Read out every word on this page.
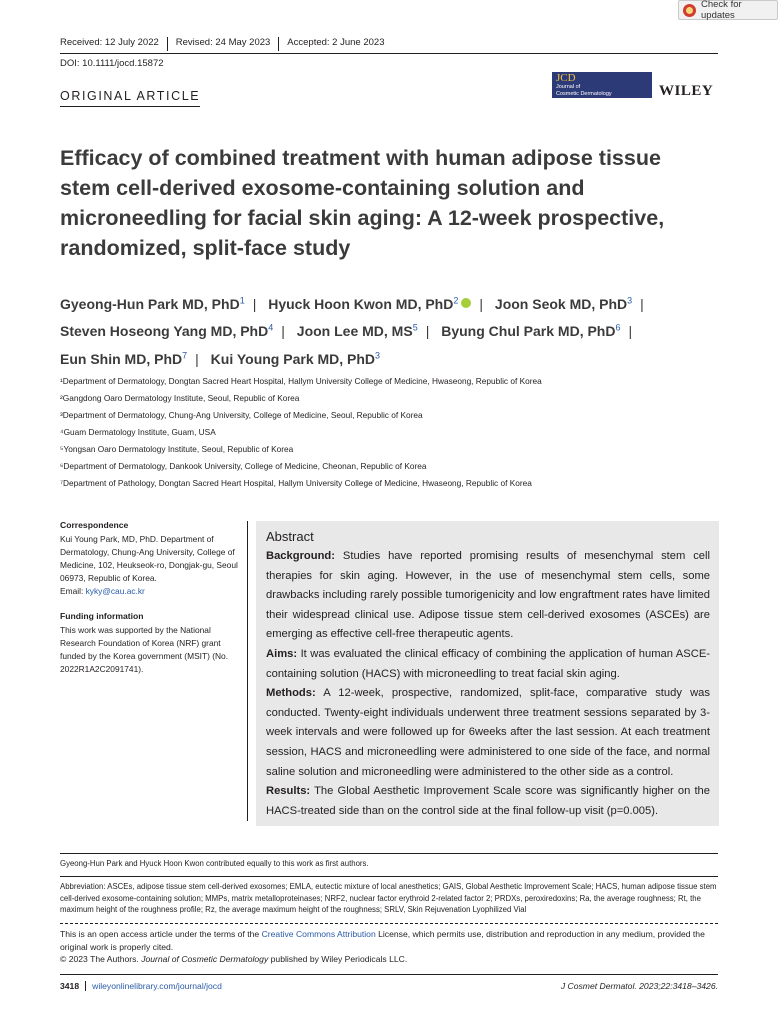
Check for updates
Received: 12 July 2022	Revised: 24 May 2023	Accepted: 2 June 2023
DOI: 10.1111/jocd.15872
JCD
Journal of
Cosmetic Dermatology	WILEY
ORIGINAL ARTICLE
Efficacy of combined treatment with human adipose tissue stem cell-derived exosome-containing solution and microneedling for facial skin aging: A 12-week prospective, randomized, split-face study
Gyeong-Hun Park MD, PhD$^1$ | Hyuck Hoon Kwon MD, PhD$^2$ | Joon Seok MD, PhD$^3$ |
Steven Hoseong Yang MD, PhD$^4$ | Joon Lee MD, $MS^5$ | Byung Chul Park MD, PhD$^6$ |
Eun Shin MD, PhD$^7$ | Kui Young Park MD, PhD$^3$
¹Department of Dermatology, Dongtan Sacred Heart Hospital, Hallym University College of Medicine, Hwaseong, Republic of Korea
²Gangdong Oaro Dermatology Institute, Seoul, Republic of Korea
³Department of Dermatology, Chung-Ang University, College of Medicine, Seoul, Republic of Korea
⁴Guam Dermatology Institute, Guam, USA
⁵Yongsan Oaro Dermatology Institute, Seoul, Republic of Korea
⁶Department of Dermatology, Dankook University, College of Medicine, Cheonan, Republic of Korea
⁷Department of Pathology, Dongtan Sacred Heart Hospital, Hallym University College of Medicine, Hwaseong, Republic of Korea
Correspondence

Kui Young Park, MD, PhD. Department of Dermatology, Chung-Ang University, College of Medicine, 102, Heukseok-ro, Dongjak-gu, Seoul 06973, Republic of Korea.

Email: kyky@cau.ac.kr

Funding information

This work was supported by the National Research Foundation of Korea (NRF) grant funded by the Korea government (MSIT) (No. 2022R1A2C2091741).

Abstract

Background: Studies have reported promising results of mesenchymal stem cell therapies for skin aging. However, in the use of mesenchymal stem cells, some drawbacks including rarely possible tumorigenicity and low engraftment rates have limited their widespread clinical use. Adipose tissue stem cell-derived exosomes (ASCEs) are emerging as effective cell-free therapeutic agents.

Aims: It was evaluated the clinical efficacy of combining the application of human ASCE-containing solution (HACS) with microneedling to treat facial skin aging.

Methods: A 12-week, prospective, randomized, split-face, comparative study was conducted. Twenty-eight individuals underwent three treatment sessions separated by 3-week intervals and were followed up for 6weeks after the last session. At each treatment session, HACS and microneedling were administered to one side of the face, and normal saline solution and microneedling were administered to the other side as a control.

Results: The Global Aesthetic Improvement Scale score was significantly higher on the HACS-treated side than on the control side at the final follow-up visit (p=0.005).

Gyeong-Hun Park and Hyuck Hoon Kwon contributed equally to this work as first authors.
Abbreviation: ASCEs, adipose tissue stem cell-derived exosomes; EMLA, eutectic mixture of local anesthetics; GAIS, Global Aesthetic Improvement Scale; HACS, human adipose tissue stem cell-derived exosome-containing solution; MMPs, matrix metalloproteinases; NRF2, nuclear factor erythroid 2-related factor 2; PRDXs, peroxiredoxins; Ra, the average roughness; Rt, the maximum height of the roughness profile; Rz, the average maximum height of the roughness; SRLV, Skin Rejuvenation Lyophilized Vial
This is an open access article under the terms of the Creative Commons Attribution License, which permits use, distribution and reproduction in any medium, provided the original work is properly cited.
© 2023 The Authors. Journal of Cosmetic Dermatology published by Wiley Periodicals LLC.
3418 wileyonlinelibrary.com/journal/jocd	J Cosmet Dermatol. 2023;22:3418–3426.
